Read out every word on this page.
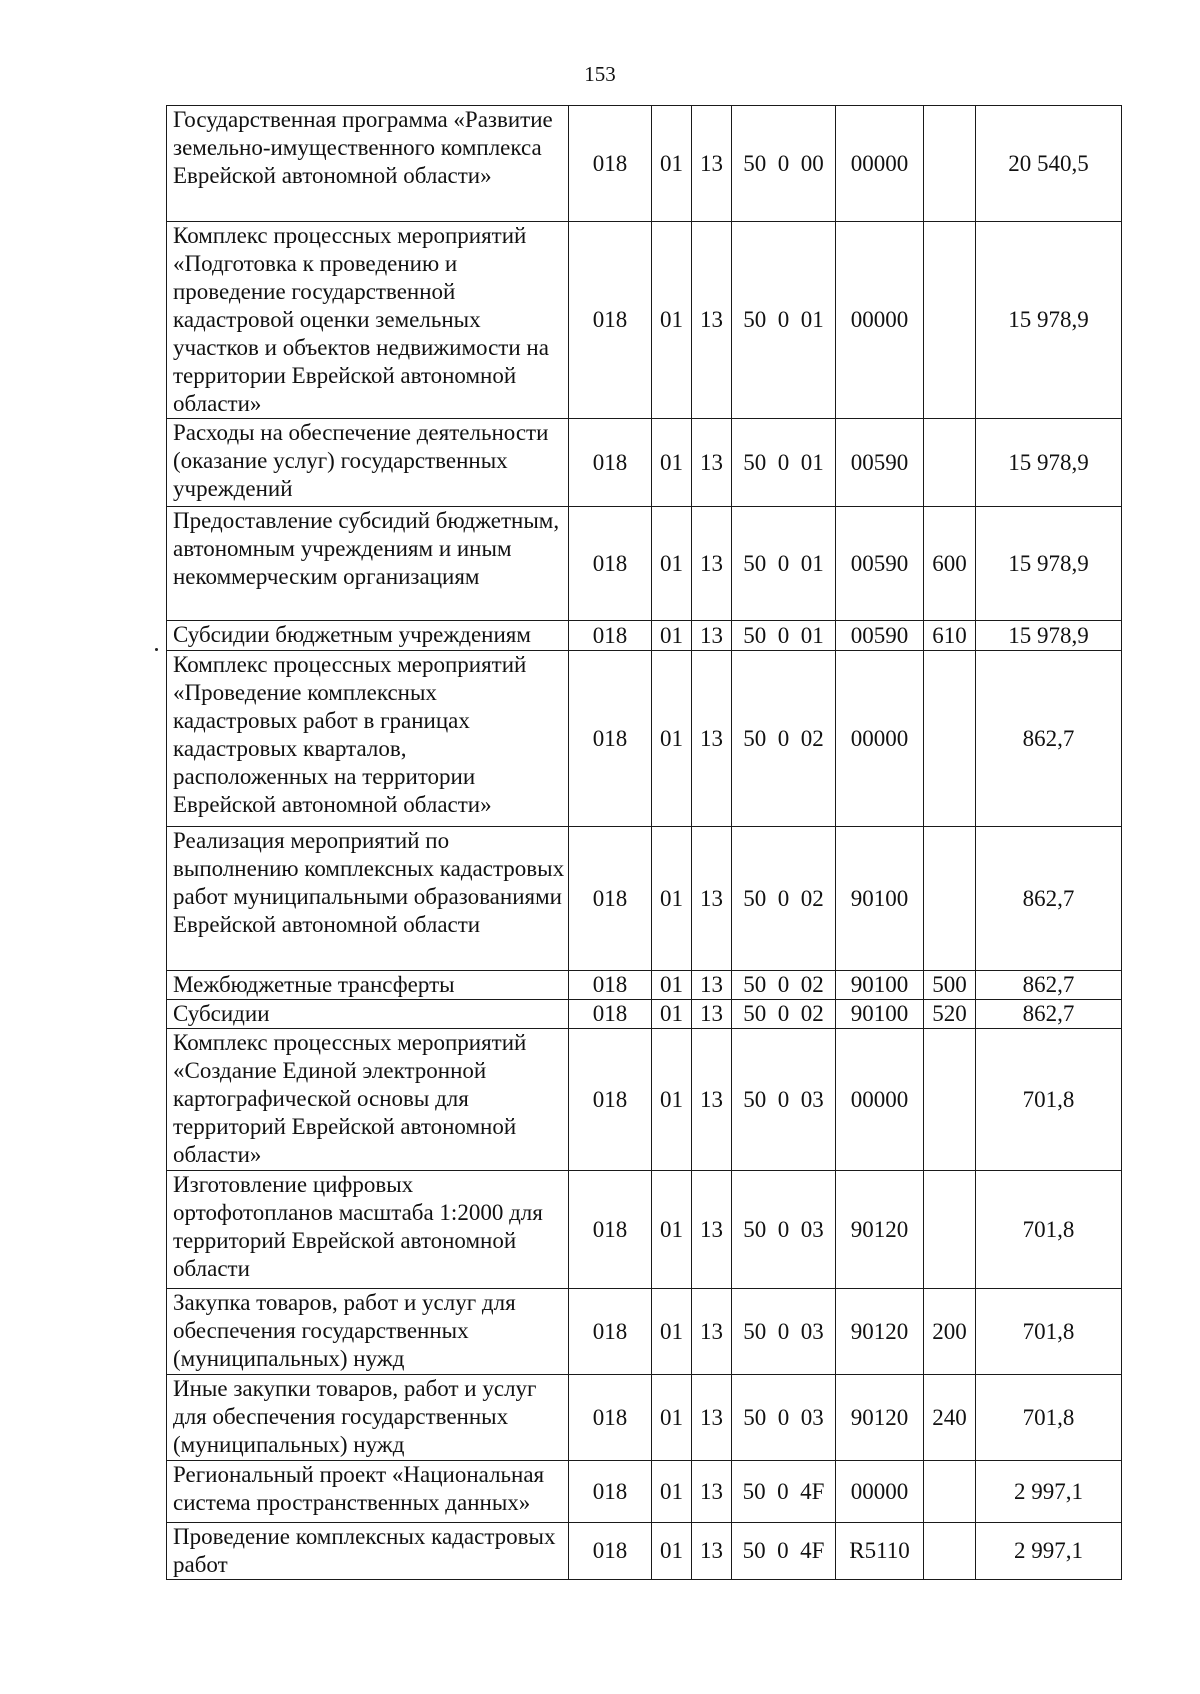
153
Государственная программа «Развитие земельно-имущественного комплекса Еврейской автономной области»	018	01	13	50  0  00	00000		20 540,5
Комплекс процессных мероприятий «Подготовка к проведению и проведение государственной кадастровой оценки земельных участков и объектов недвижимости на территории Еврейской автономной области»	018	01	13	50  0  01	00000		15 978,9
Расходы на обеспечение деятельности (оказание услуг) государственных учреждений	018	01	13	50  0  01	00590		15 978,9
Предоставление субсидий бюджетным, автономным учреждениям и иным некоммерческим организациям	018	01	13	50  0  01	00590	600	15 978,9
Субсидии бюджетным учреждениям	018	01	13	50  0  01	00590	610	15 978,9
Комплекс процессных мероприятий «Проведение комплексных кадастровых работ в границах кадастровых кварталов, расположенных на территории Еврейской автономной области»	018	01	13	50  0  02	00000		862,7
Реализация мероприятий по выполнению комплексных кадастровых работ муниципальными образованиями Еврейской автономной области	018	01	13	50  0  02	90100		862,7
Межбюджетные трансферты	018	01	13	50  0  02	90100	500	862,7
Субсидии	018	01	13	50  0  02	90100	520	862,7
Комплекс процессных мероприятий «Создание Единой электронной картографической основы для территорий Еврейской автономной области»	018	01	13	50  0  03	00000		701,8
Изготовление цифровых ортофотопланов масштаба 1:2000 для территорий Еврейской автономной области	018	01	13	50  0  03	90120		701,8
Закупка товаров, работ и услуг для обеспечения государственных (муниципальных) нужд	018	01	13	50  0  03	90120	200	701,8
Иные закупки товаров, работ и услуг для обеспечения государственных (муниципальных) нужд	018	01	13	50  0  03	90120	240	701,8
Региональный проект «Национальная система пространственных данных»	018	01	13	50  0  4F	00000		2 997,1
Проведение комплексных кадастровых работ	018	01	13	50  0  4F	R5110		2 997,1
